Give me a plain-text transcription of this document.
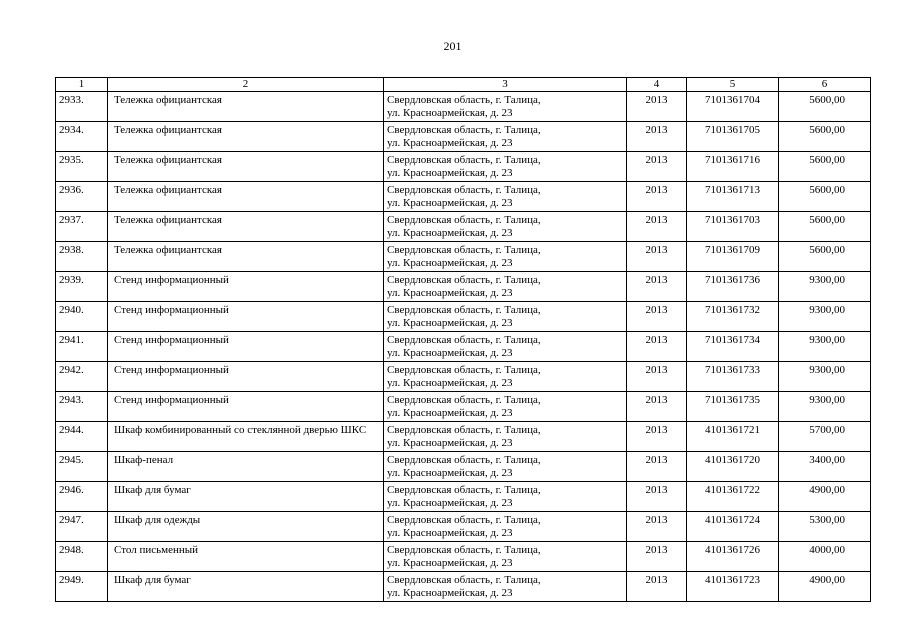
201
1	2	3	4	5	6
2933.	Тележка официантская	Свердловская область, г. Талица,
ул. Красноармейская, д. 23	2013	7101361704	5600,00
2934.	Тележка официантская	Свердловская область, г. Талица,
ул. Красноармейская, д. 23	2013	7101361705	5600,00
2935.	Тележка официантская	Свердловская область, г. Талица,
ул. Красноармейская, д. 23	2013	7101361716	5600,00
2936.	Тележка официантская	Свердловская область, г. Талица,
ул. Красноармейская, д. 23	2013	7101361713	5600,00
2937.	Тележка официантская	Свердловская область, г. Талица,
ул. Красноармейская, д. 23	2013	7101361703	5600,00
2938.	Тележка официантская	Свердловская область, г. Талица,
ул. Красноармейская, д. 23	2013	7101361709	5600,00
2939.	Стенд информационный	Свердловская область, г. Талица,
ул. Красноармейская, д. 23	2013	7101361736	9300,00
2940.	Стенд информационный	Свердловская область, г. Талица,
ул. Красноармейская, д. 23	2013	7101361732	9300,00
2941.	Стенд информационный	Свердловская область, г. Талица,
ул. Красноармейская, д. 23	2013	7101361734	9300,00
2942.	Стенд информационный	Свердловская область, г. Талица,
ул. Красноармейская, д. 23	2013	7101361733	9300,00
2943.	Стенд информационный	Свердловская область, г. Талица,
ул. Красноармейская, д. 23	2013	7101361735	9300,00
2944.	Шкаф комбинированный со стеклянной дверью ШКС	Свердловская область, г. Талица,
ул. Красноармейская, д. 23	2013	4101361721	5700,00
2945.	Шкаф-пенал	Свердловская область, г. Талица,
ул. Красноармейская, д. 23	2013	4101361720	3400,00
2946.	Шкаф для бумаг	Свердловская область, г. Талица,
ул. Красноармейская, д. 23	2013	4101361722	4900,00
2947.	Шкаф для одежды	Свердловская область, г. Талица,
ул. Красноармейская, д. 23	2013	4101361724	5300,00
2948.	Стол письменный	Свердловская область, г. Талица,
ул. Красноармейская, д. 23	2013	4101361726	4000,00
2949.	Шкаф для бумаг	Свердловская область, г. Талица,
ул. Красноармейская, д. 23	2013	4101361723	4900,00
